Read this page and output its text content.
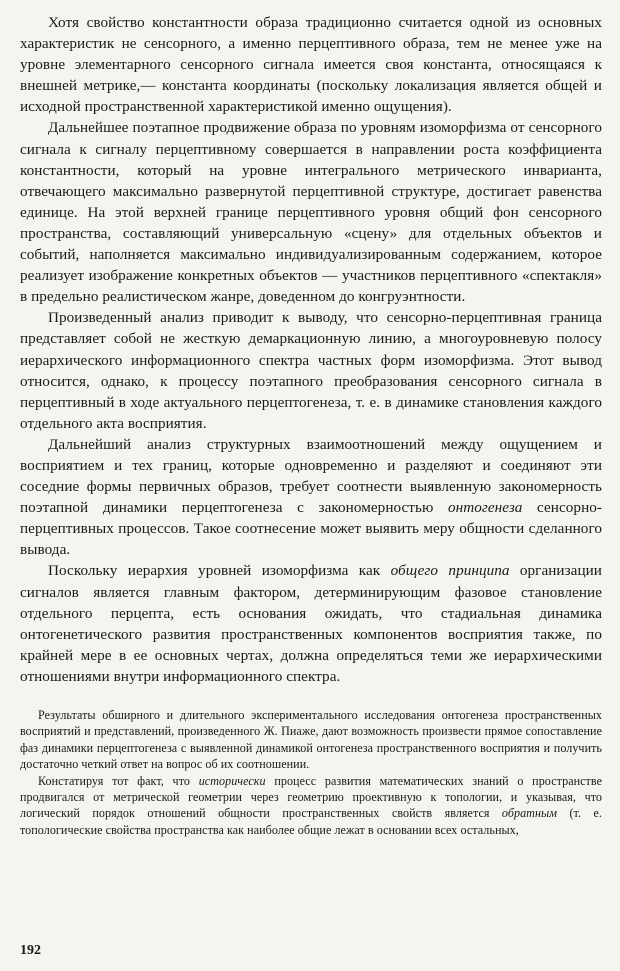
Хотя свойство константности образа традиционно считается одной из основных характеристик не сенсорного, а именно перцептивного образа, тем не менее уже на уровне элементарного сенсорного сигнала имеется своя константа, относящаяся к внешней метрике,— константа координаты (поскольку локализация является общей и исходной пространственной характеристикой именно ощущения).

Дальнейшее поэтапное продвижение образа по уровням изоморфизма от сенсорного сигнала к сигналу перцептивному совершается в направлении роста коэффициента константности, который на уровне интегрального метрического инварианта, отвечающего максимально развернутой перцептивной структуре, достигает равенства единице. На этой верхней границе перцептивного уровня общий фон сенсорного пространства, составляющий универсальную «сцену» для отдельных объектов и событий, наполняется максимально индивидуализированным содержанием, которое реализует изображение конкретных объектов — участников перцептивного «спектакля» в предельно реалистическом жанре, доведенном до конгруэнтности.

Произведенный анализ приводит к выводу, что сенсорно-перцептивная граница представляет собой не жесткую демаркационную линию, а многоуровневую полосу иерархического информационного спектра частных форм изоморфизма. Этот вывод относится, однако, к процессу поэтапного преобразования сенсорного сигнала в перцептивный в ходе актуального перцептогенеза, т. е. в динамике становления каждого отдельного акта восприятия.

Дальнейший анализ структурных взаимоотношений между ощущением и восприятием и тех границ, которые одновременно и разделяют и соединяют эти соседние формы первичных образов, требует соотнести выявленную закономерность поэтапной динамики перцептогенеза с закономерностью онтогенеза сенсорно-перцептивных процессов. Такое соотнесение может выявить меру общности сделанного вывода.

Поскольку иерархия уровней изоморфизма как общего принципа организации сигналов является главным фактором, детерминирующим фазовое становление отдельного перцепта, есть основания ожидать, что стадиальная динамика онтогенетического развития пространственных компонентов восприятия также, по крайней мере в ее основных чертах, должна определяться теми же иерархическими отношениями внутри информационного спектра.

Результаты обширного и длительного экспериментального исследования онтогенеза пространственных восприятий и представлений, произведенного Ж. Пиаже, дают возможность произвести прямое сопоставление фаз динамики перцептогенеза с выявленной динамикой онтогенеза пространственного восприятия и получить достаточно четкий ответ на вопрос об их соотношении.

Констатируя тот факт, что исторически процесс развития математических знаний о пространстве продвигался от метрической геометрии через геометрию проективную к топологии, и указывая, что логический порядок отношений общности пространственных свойств является обратным (т. е. топологические свойства пространства как наиболее общие лежат в основании всех остальных,

192
